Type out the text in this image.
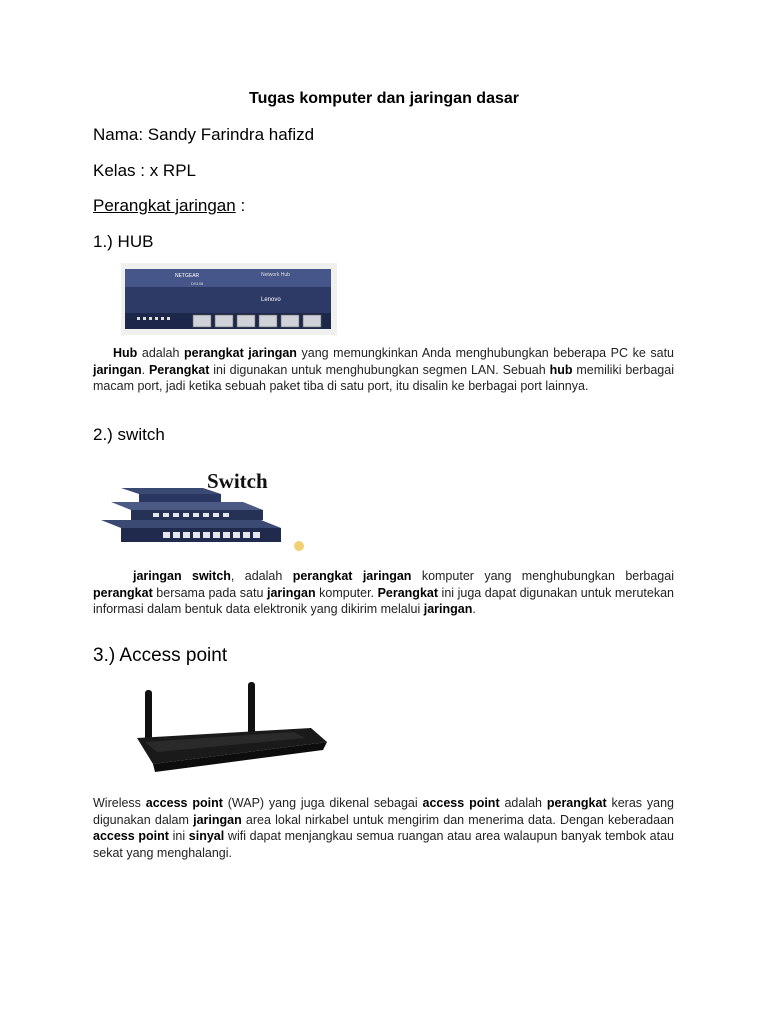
Tugas komputer dan jaringan dasar
Nama: Sandy Farindra hafizd
Kelas : x RPL
Perangkat jaringan :
1.) HUB
NETGEAR	Network Hub
DS108
Lenovo

Hub adalah perangkat jaringan yang memungkinkan Anda menghubungkan beberapa PC ke satu jaringan. Perangkat ini digunakan untuk menghubungkan segmen LAN. Sebuah hub memiliki berbagai macam port, jadi ketika sebuah paket tiba di satu port, itu disalin ke berbagai port lainnya.

2.) switch
Switch

jaringan switch, adalah perangkat jaringan komputer yang menghubungkan berbagai perangkat bersama pada satu jaringan komputer. Perangkat ini juga dapat digunakan untuk merutekan informasi dalam bentuk data elektronik yang dikirim melalui jaringan.

3.) Access point

Wireless access point (WAP) yang juga dikenal sebagai access point adalah perangkat keras yang digunakan dalam jaringan area lokal nirkabel untuk mengirim dan menerima data. Dengan keberadaan access point ini sinyal wifi dapat menjangkau semua ruangan atau area walaupun banyak tembok atau sekat yang menghalangi.
